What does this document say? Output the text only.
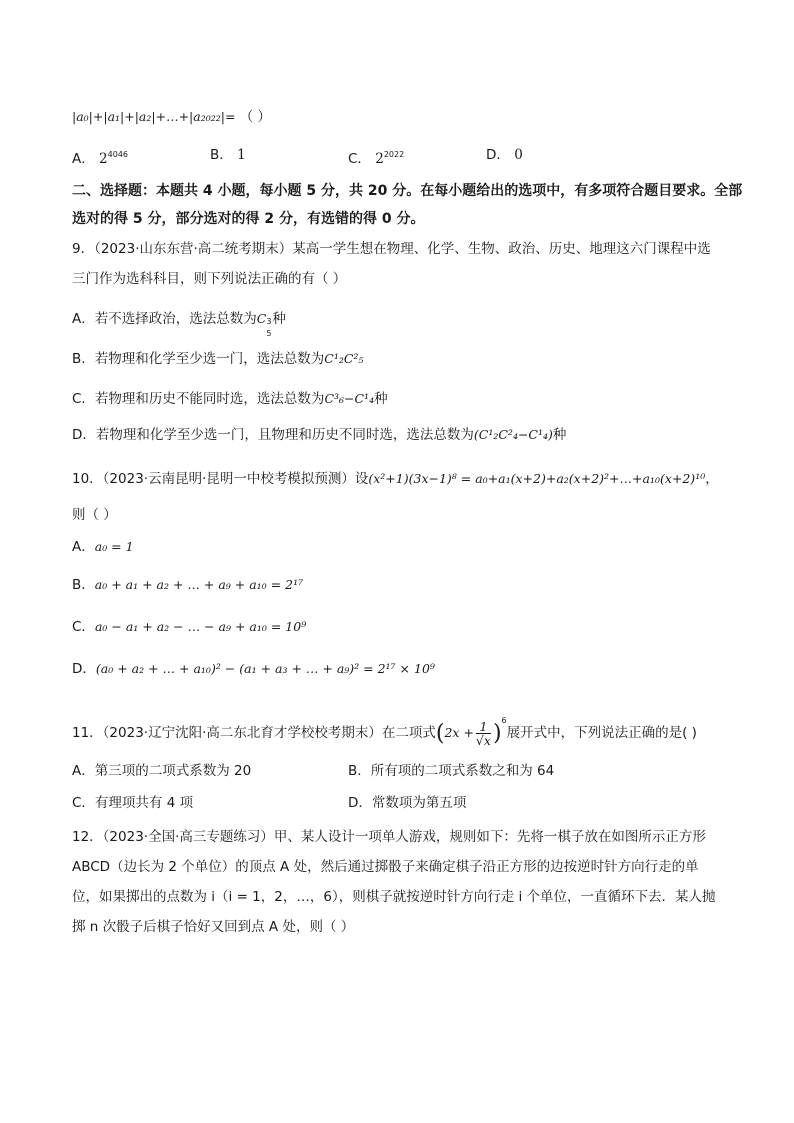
|a₀|+|a₁|+|a₂|+…+|a₂₀₂₂|= （ ）
A． $2^{4046}$	B． 1	C． $2^{2022}$	D． 0
二、选择题：本题共 4 小题，每小题 5 分，共 20 分。在每小题给出的选项中，有多项符合题目要求。全部
选对的得 5 分，部分选对的得 2 分，有选错的得 0 分。
9．（2023·山东东营·高二统考期末）某高一学生想在物理、化学、生物、政治、历史、地理这六门课程中选
三门作为选科科目，则下列说法正确的有（ ）
A．若不选择政治，选法总数为C 3
5
种
B．若物理和化学至少选一门，选法总数为C¹₂C²₅
C．若物理和历史不能同时选，选法总数为C³₆−C¹₄种
D．若物理和化学至少选一门，且物理和历史不同时选，选法总数为(C¹₂C²₄−C¹₄)种
10．（2023·云南昆明·昆明一中校考模拟预测）设(x²+1)(3x−1)⁸ = a₀+a₁(x+2)+a₂(x+2)²+…+a₁₀(x+2)¹⁰，
则（ ）
A．a₀ = 1
B．a₀ + a₁ + a₂ + … + a₉ + a₁₀ = 2¹⁷
C．a₀ − a₁ + a₂ − … − a₉ + a₁₀ = 10⁹
D．(a₀ + a₂ + … + a₁₀)² − (a₁ + a₃ + … + a₉)² = 2¹⁷ × 10⁹
11．（2023·辽宁沈阳·高二东北育才学校校考期末）在二项式$(2x + \frac{1}{√x} )^6$展开式中，下列说法正确的是( )
A．第三项的二项式系数为 20	B．所有项的二项式系数之和为 64
C．有理项共有 4 项	D．常数项为第五项
12．（2023·全国·高三专题练习）甲、某人设计一项单人游戏，规则如下：先将一棋子放在如图所示正方形
ABCD（边长为 2 个单位）的顶点 A 处，然后通过掷骰子来确定棋子沿正方形的边按逆时针方向行走的单
位，如果掷出的点数为 i（i = 1，2，…，6），则棋子就按逆时针方向行走 i 个单位，一直循环下去．某人抛
掷 n 次骰子后棋子恰好又回到点 A 处，则（ ）
